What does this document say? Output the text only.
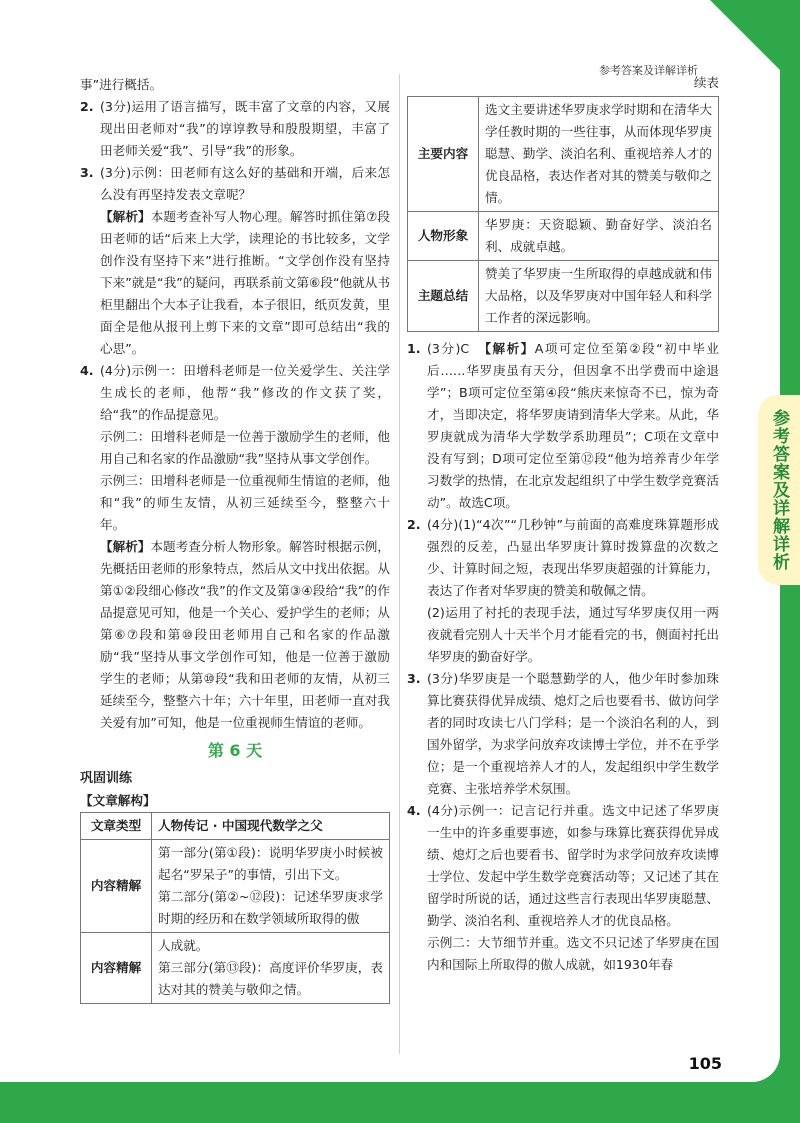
参考答案及详解详析

事”进行概括。

2. (3分)运用了语言描写，既丰富了文章的内容，又展现出田老师对“我”的谆谆教导和殷殷期望，丰富了田老师关爱“我”、引导“我”的形象。

3. (3分)示例：田老师有这么好的基础和开端，后来怎么没有再坚持发表文章呢？

【解析】本题考查补写人物心理。解答时抓住第⑦段田老师的话“后来上大学，读理论的书比较多，文学创作没有坚持下来”进行推断。“文学创作没有坚持下来”就是“我”的疑问，再联系前文第⑥段“他就从书柜里翻出个大本子让我看，本子很旧，纸页发黄，里面全是他从报刊上剪下来的文章”即可总结出“我的心思”。

4. (4分)示例一：田增科老师是一位关爱学生、关注学生成长的老师，他帮“我”修改的作文获了奖，给“我”的作品提意见。

示例二：田增科老师是一位善于激励学生的老师，他用自己和名家的作品激励“我”坚持从事文学创作。

示例三：田增科老师是一位重视师生情谊的老师，他和“我”的师生友情，从初三延续至今，整整六十年。

【解析】本题考查分析人物形象。解答时根据示例，先概括田老师的形象特点，然后从文中找出依据。从第①②段细心修改“我”的作文及第③④段给“我”的作品提意见可知，他是一个关心、爱护学生的老师；从第⑥⑦段和第⑩段田老师用自己和名家的作品激励“我”坚持从事文学创作可知，他是一位善于激励学生的老师；从第⑩段“我和田老师的友情，从初三延续至今，整整六十年；六十年里，田老师一直对我关爱有加”可知，他是一位重视师生情谊的老师。

第 6 天

巩固训练

【文章解构】

文章类型	人物传记 · 中国现代数学之父
内容精解	第一部分(第①段)：说明华罗庚小时候被起名“罗呆子”的事情，引出下文。
第二部分(第②~⑫段)：记述华罗庚求学时期的经历和在数学领域所取得的傲
内容精解	人成就。
第三部分(第⑬段)：高度评价华罗庚，表达对其的赞美与敬仰之情。
续表
主要内容	选文主要讲述华罗庚求学时期和在清华大学任教时期的一些往事，从而体现华罗庚聪慧、勤学、淡泊名利、重视培养人才的优良品格，表达作者对其的赞美与敬仰之情。
人物形象	华罗庚：天资聪颖、勤奋好学、淡泊名利、成就卓越。
主题总结	赞美了华罗庚一生所取得的卓越成就和伟大品格，以及华罗庚对中国年轻人和科学工作者的深远影响。
1. (3分)C　【解析】A项可定位至第②段“初中毕业后……华罗庚虽有天分，但因拿不出学费而中途退学”；B项可定位至第④段“熊庆来惊奇不已，惊为奇才，当即决定，将华罗庚请到清华大学来。从此，华罗庚就成为清华大学数学系助理员”；C项在文章中没有写到；D项可定位至第⑫段“他为培养青少年学习数学的热情，在北京发起组织了中学生数学竞赛活动”。故选C项。

2. (4分)(1)“4次”“几秒钟”与前面的高难度珠算题形成强烈的反差，凸显出华罗庚计算时拨算盘的次数之少、计算时间之短，表现出华罗庚超强的计算能力，表达了作者对华罗庚的赞美和敬佩之情。

(2)运用了衬托的表现手法，通过写华罗庚仅用一两夜就看完别人十天半个月才能看完的书，侧面衬托出华罗庚的勤奋好学。

3. (3分)华罗庚是一个聪慧勤学的人，他少年时参加珠算比赛获得优异成绩、熄灯之后也要看书、做访问学者的同时攻读七八门学科；是一个淡泊名利的人，到国外留学，为求学问放弃攻读博士学位，并不在乎学位；是一个重视培养人才的人，发起组织中学生数学竞赛、主张培养学术氛围。

4. (4分)示例一：记言记行并重。选文中记述了华罗庚一生中的许多重要事迹，如参与珠算比赛获得优异成绩、熄灯之后也要看书、留学时为求学问放弃攻读博士学位、发起中学生数学竞赛活动等；又记述了其在留学时所说的话，通过这些言行表现出华罗庚聪慧、勤学、淡泊名利、重视培养人才的优良品格。

示例二：大节细节并重。选文不只记述了华罗庚在国内和国际上所取得的傲人成就，如1930年春

105
参考答案及详解详析
